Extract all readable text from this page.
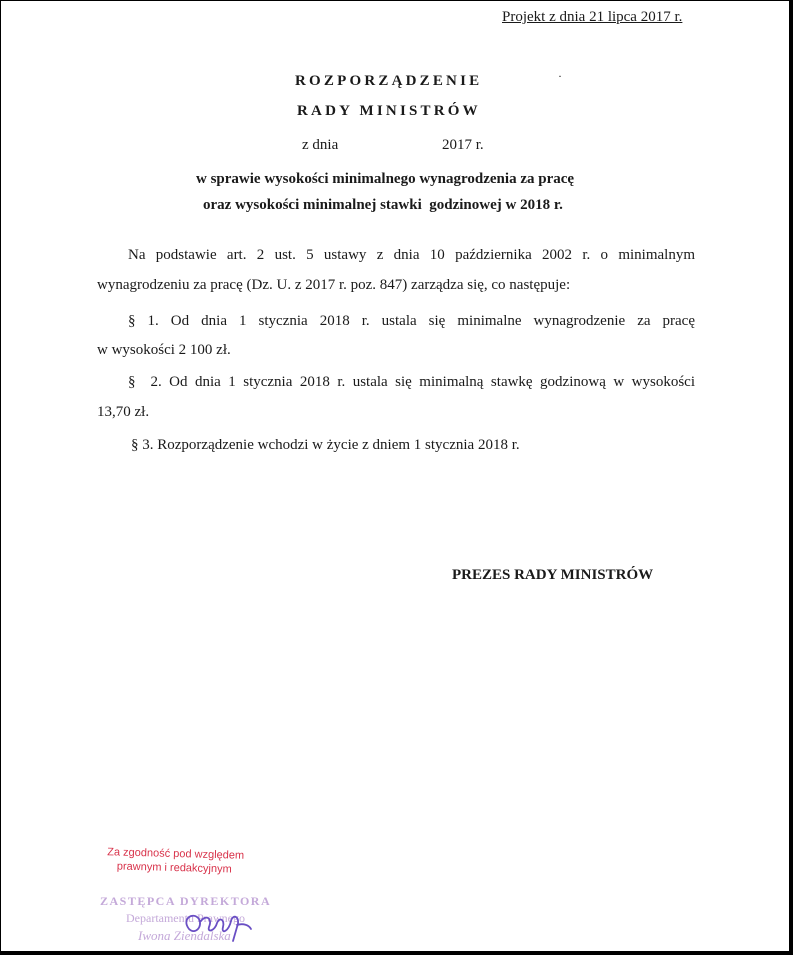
Projekt z dnia 21 lipca 2017 r.
ROZPORZĄDZENIE	·
RADY MINISTRÓW
z dnia	2017 r.
w sprawie wysokości minimalnego wynagrodzenia za pracę
oraz wysokości minimalnej stawki  godzinowej w 2018 r.
Na podstawie art. 2 ust. 5 ustawy z dnia 10 października 2002 r. o minimalnym
wynagrodzeniu za pracę (Dz. U. z 2017 r. poz. 847) zarządza się, co następuje:
§ 1. Od dnia 1 stycznia 2018 r. ustala się minimalne wynagrodzenie za pracę
w wysokości 2 100 zł.
§  2. Od dnia 1 stycznia 2018 r. ustala się minimalną stawkę godzinową w wysokości
13,70 zł.
§ 3. Rozporządzenie wchodzi w życie z dniem 1 stycznia 2018 r.
PREZES RADY MINISTRÓW
Za zgodność pod względem
prawnym i redakcyjnym
ZASTĘPCA DYREKTORA
Departamentu Prawnego
Iwona Ziendalska
